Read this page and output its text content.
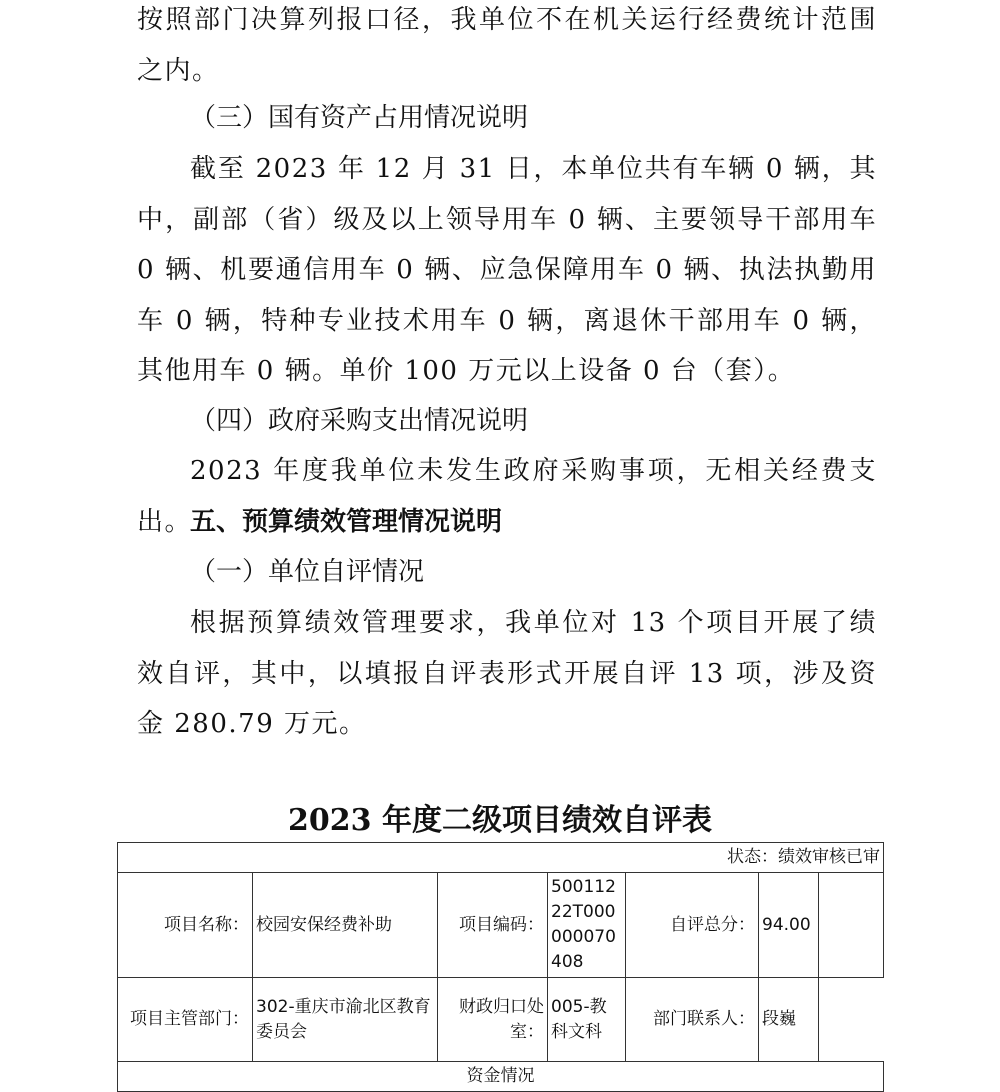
按照部门决算列报口径，我单位不在机关运行经费统计范围之内。

（三）国有资产占用情况说明

截至 2023 年 12 月 31 日，本单位共有车辆 0 辆，其中，副部（省）级及以上领导用车 0 辆、主要领导干部用车 0 辆、机要通信用车 0 辆、应急保障用车 0 辆、执法执勤用车 0 辆，特种专业技术用车 0 辆，离退休干部用车 0 辆，其他用车 0 辆。单价 100 万元以上设备 0 台（套）。

（四）政府采购支出情况说明

2023 年度我单位未发生政府采购事项，无相关经费支出。

五、预算绩效管理情况说明

（一）单位自评情况

根据预算绩效管理要求，我单位对 13 个项目开展了绩效自评，其中，以填报自评表形式开展自评 13 项，涉及资金 280.79 万元。

2023 年度二级项目绩效自评表
状态：绩效审核已审						
项目名称：	校园安保经费补助	项目编码：	50011222T000000070408	自评总分：	94.00	
项目主管部门：	302-重庆市渝北区教育委员会	财政归口处室：	005-教科文科	部门联系人：	段巍
资金情况						
